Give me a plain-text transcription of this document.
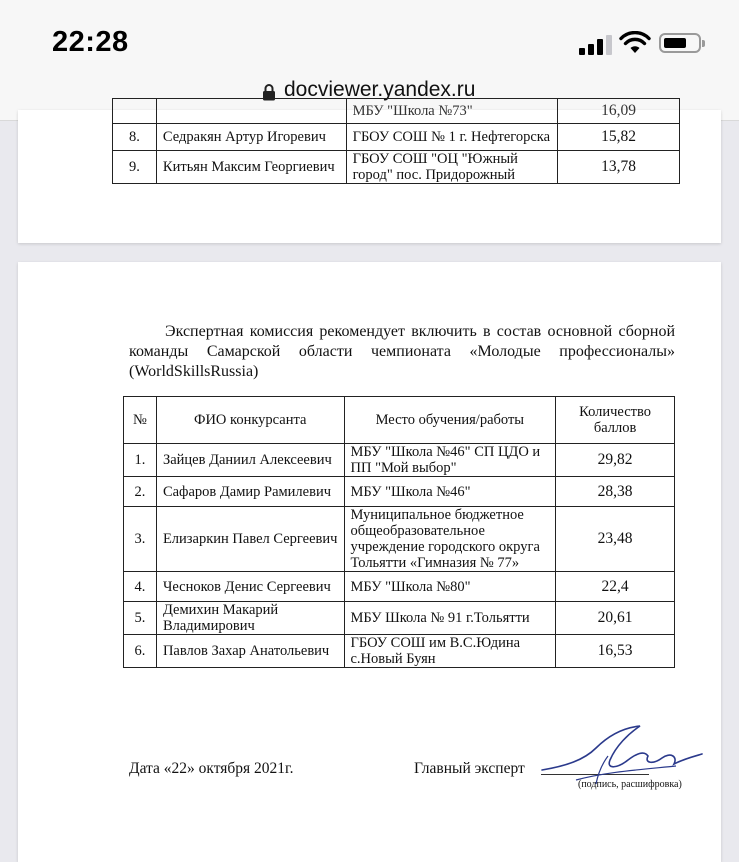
22:28
docviewer.yandex.ru
		МБУ "Школа №73"	16,09
8.	Седракян Артур Игоревич	ГБОУ СОШ № 1 г. Нефтегорска	15,82
9.	Китьян Максим Георгиевич	ГБОУ СОШ "ОЦ "Южный город" пос. Придорожный	13,78
Экспертная комиссия рекомендует включить в состав основной сборной команды Самарской области чемпионата «Молодые профессионалы» (WorldSkillsRussia)
№	ФИО конкурсанта	Место обучения/работы	Количество баллов
1.	Зайцев Даниил Алексеевич	МБУ "Школа №46" СП ЦДО и ПП "Мой выбор"	29,82
2.	Сафаров Дамир Рамилевич	МБУ "Школа №46"	28,38
3.	Елизаркин Павел Сергеевич	Муниципальное бюджетное общеобразовательное учреждение городского округа Тольятти «Гимназия № 77»	23,48
4.	Чесноков Денис Сергеевич	МБУ "Школа №80"	22,4
5.	Демихин Макарий Владимирович	МБУ Школа № 91 г.Тольятти	20,61
6.	Павлов Захар Анатольевич	ГБОУ СОШ им В.С.Юдина с.Новый Буян	16,53
Дата «22» октября 2021г.	Главный эксперт
(подпись, расшифровка)
